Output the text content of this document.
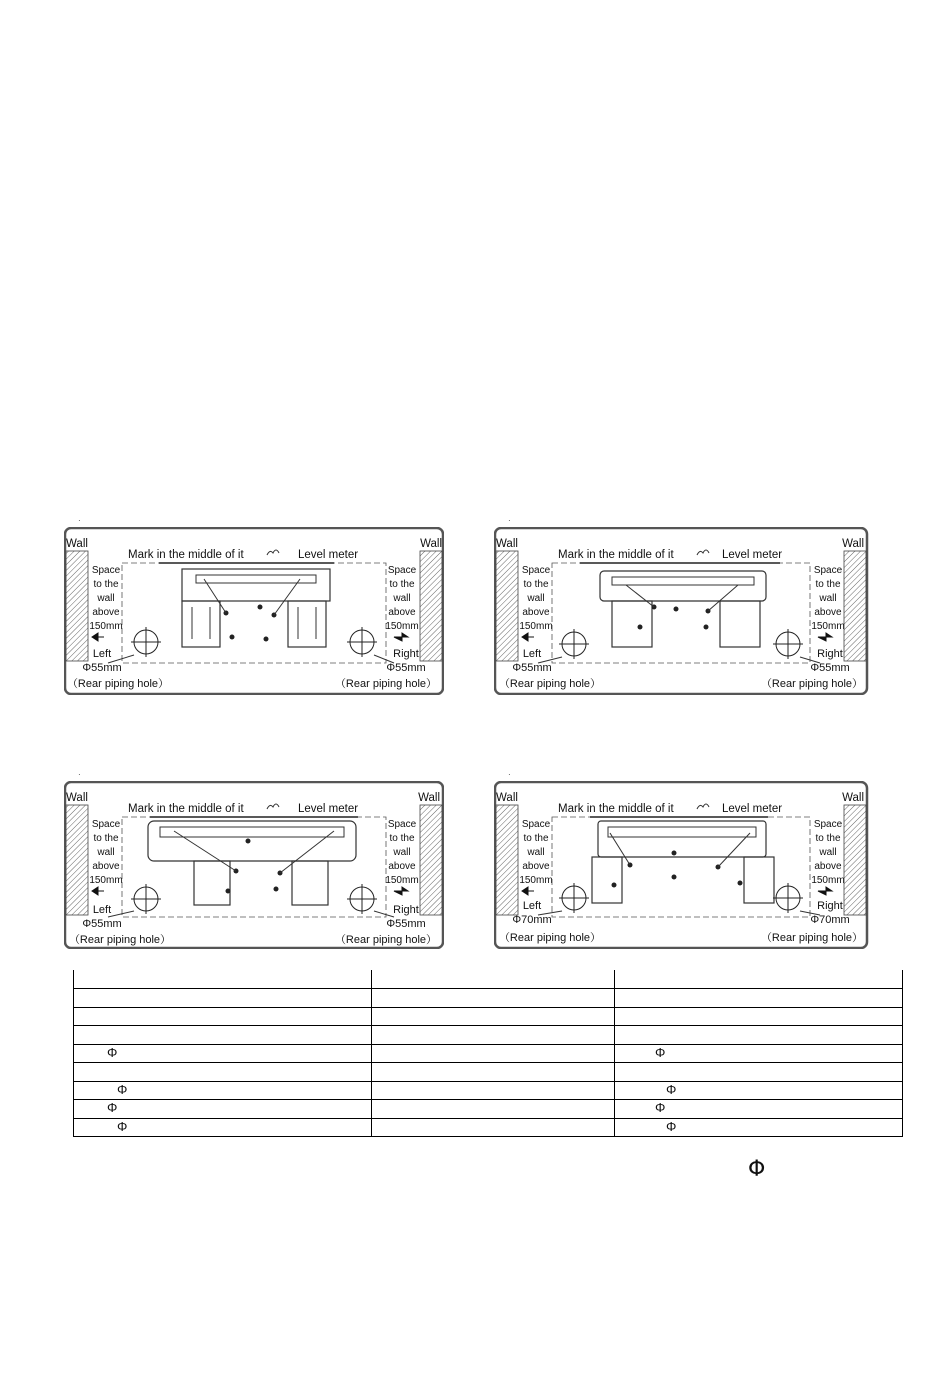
·
Wall	Wall
Mark in the middle of it	Level meter
Space
to the
wall
above
150mm
Space
to the
wall
above
150mm
Left
Φ55mm
Right
Φ55mm
（Rear piping hole）	（Rear piping hole）
·
Wall	Wall
Mark in the middle of it	Level meter
Space
to the
wall
above
150mm
Space
to the
wall
above
150mm
Left
Φ55mm
Right
Φ55mm
（Rear piping hole）	（Rear piping hole）
·
Wall	Wall
Mark in the middle of it	Level meter
Space
to the
wall
above
150mm
Space
to the
wall
above
150mm
Left
Φ55mm
Right
Φ55mm
（Rear piping hole）	（Rear piping hole）
·
Wall	Wall
Mark in the middle of it	Level meter
Space
to the
wall
above
150mm
Space
to the
wall
above
150mm
Left
Φ70mm
Right
Φ70mm
（Rear piping hole）	（Rear piping hole）

Φ		Φ

Φ		Φ

Φ		Φ

Φ		Φ
Φ
